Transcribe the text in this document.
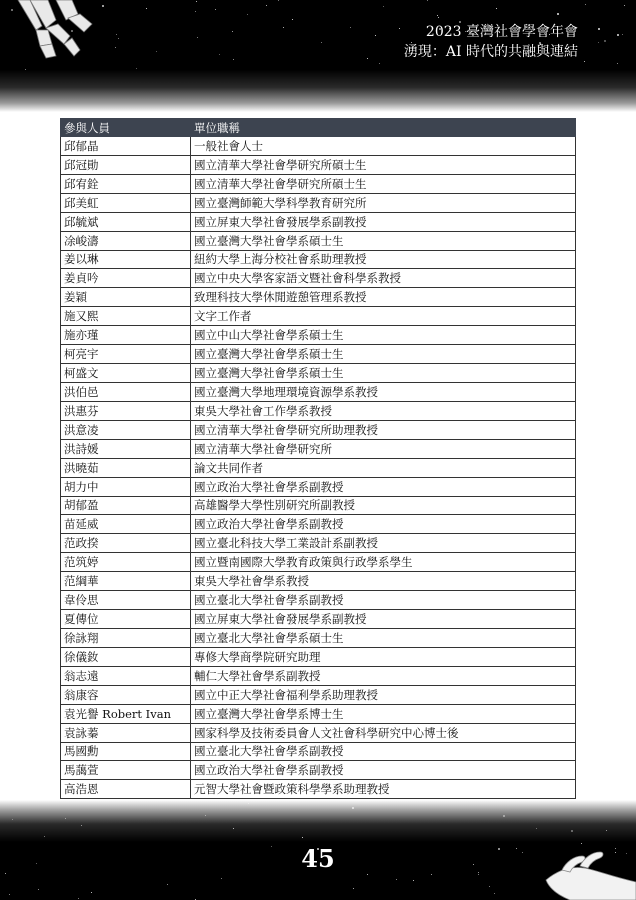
2023 臺灣社會學會年會
湧現：AI 時代的共融與連結
參與人員	單位職稱
邱郁晶	一般社會人士
邱冠勛	國立清華大學社會學研究所碩士生
邱宥銓	國立清華大學社會學研究所碩士生
邱美虹	國立臺灣師範大學科學教育研究所
邱毓斌	國立屏東大學社會發展學系副教授
凃峻濤	國立臺灣大學社會學系碩士生
姜以琳	紐約大學上海分校社會系助理教授
姜貞吟	國立中央大學客家語文暨社會科學系教授
姜穎	致理科技大學休閒遊憩管理系教授
施又熙	文字工作者
施亦瑾	國立中山大學社會學系碩士生
柯亮宇	國立臺灣大學社會學系碩士生
柯盛文	國立臺灣大學社會學系碩士生
洪伯邑	國立臺灣大學地理環境資源學系教授
洪惠芬	東吳大學社會工作學系教授
洪意凌	國立清華大學社會學研究所助理教授
洪詩媛	國立清華大學社會學研究所
洪曉茹	論文共同作者
胡力中	國立政治大學社會學系副教授
胡郁盈	高雄醫學大學性別研究所副教授
苗延威	國立政治大學社會學系副教授
范政揆	國立臺北科技大學工業設計系副教授
范筑婷	國立暨南國際大學教育政策與行政學系學生
范綱華	東吳大學社會學系教授
韋伶思	國立臺北大學社會學系副教授
夏傳位	國立屏東大學社會發展學系副教授
徐詠翔	國立臺北大學社會學系碩士生
徐儀釹	專修大學商學院研究助理
翁志遠	輔仁大學社會學系副教授
翁康容	國立中正大學社會福利學系助理教授
袁光譽 Robert Ivan	國立臺灣大學社會學系博士生
袁詠蓁	國家科學及技術委員會人文社會科學研究中心博士後
馬國勳	國立臺北大學社會學系副教授
馬藹萱	國立政治大學社會學系副教授
高浩恩	元智大學社會暨政策科學學系助理教授
45
